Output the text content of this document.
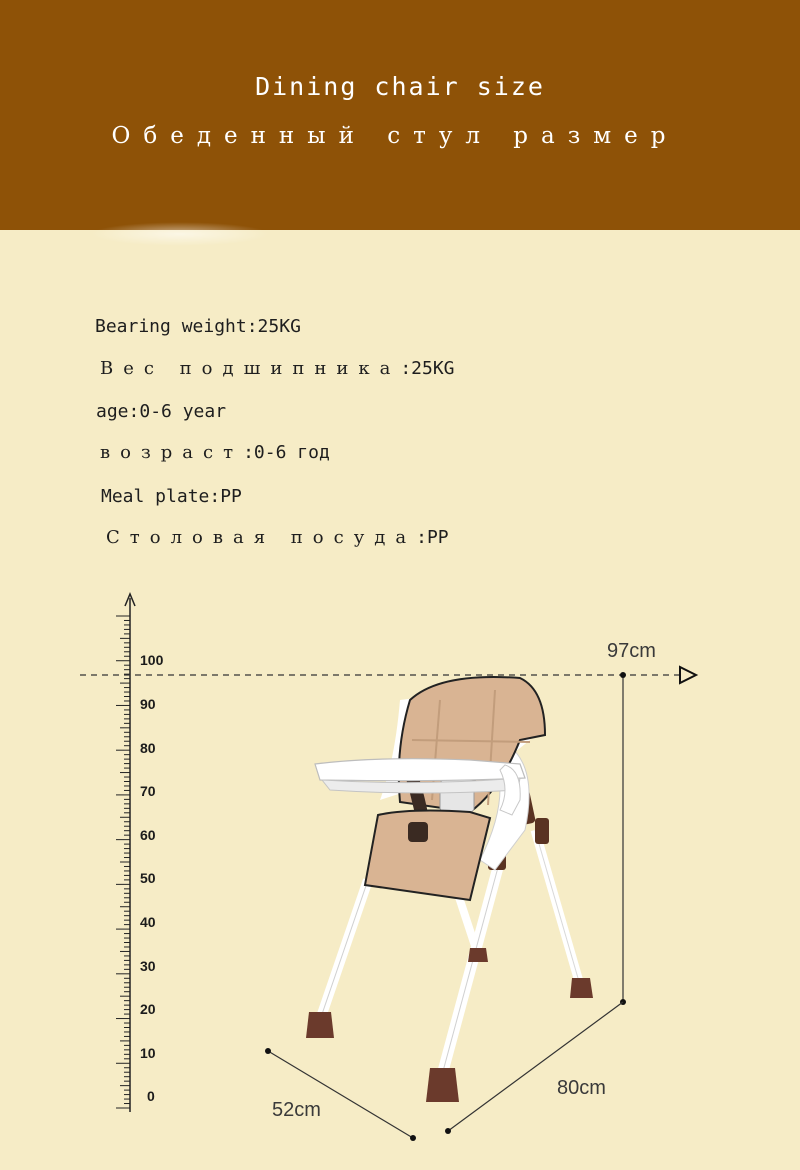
Dining chair size
Обеденный стул размер
Bearing weight:25KG
Вес подшипника:25KG
age:0-6 year
возраст:0-6 год
Meal plate:PP
Столовая посуда:PP
97cm
52cm
80cm
100
90
80
70
60
50
40
30
20
10
0
